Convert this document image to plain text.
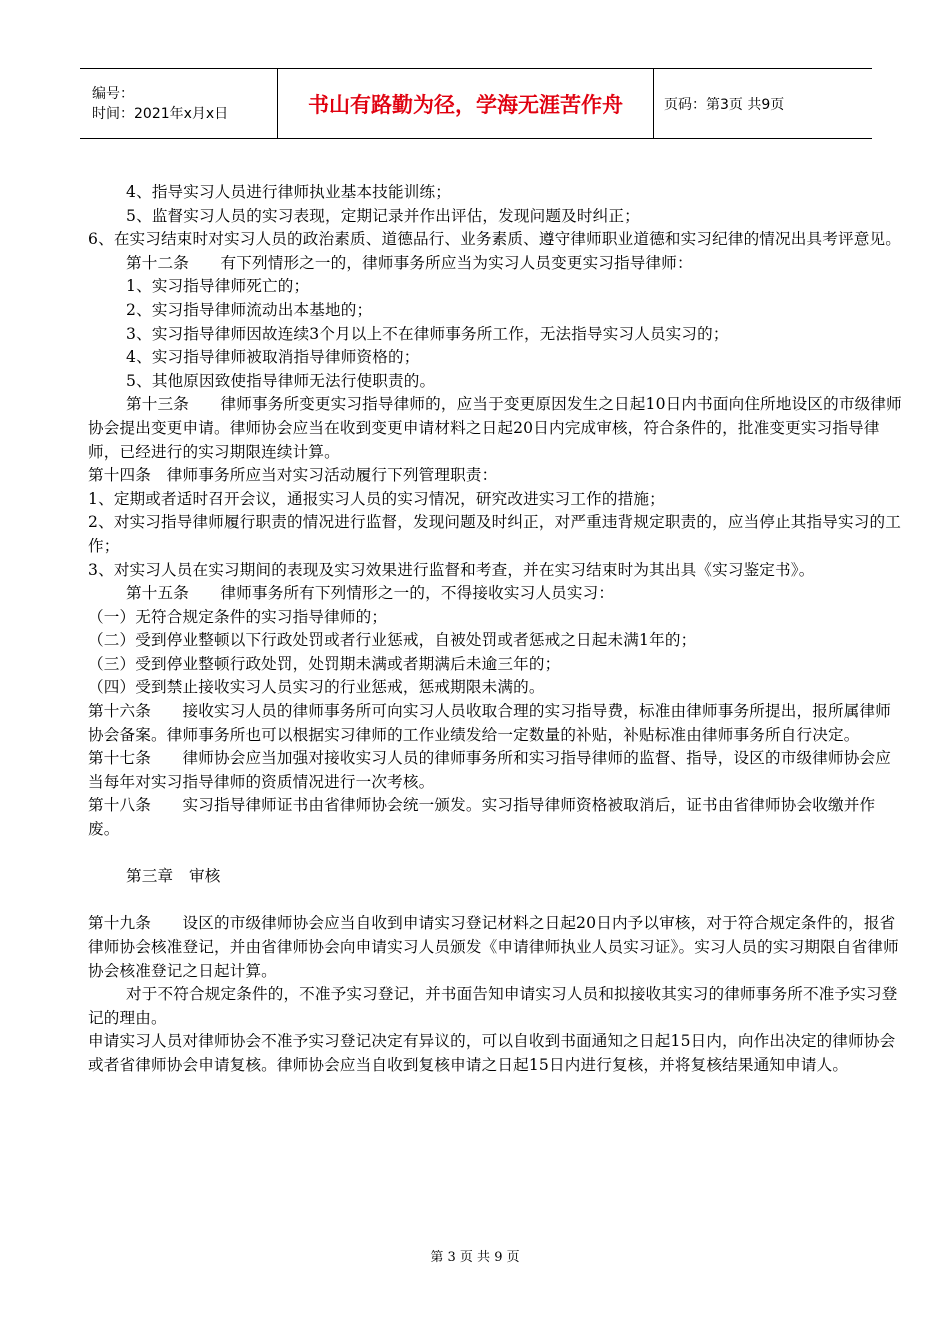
编号：
时间：2021年x月x日	书山有路勤为径，学海无涯苦作舟	页码：第3页 共9页

4、指导实习人员进行律师执业基本技能训练；

5、监督实习人员的实习表现，定期记录并作出评估，发现问题及时纠正；

6、在实习结束时对实习人员的政治素质、道德品行、业务素质、遵守律师职业道德和实习纪律的情况出具考评意见。

第十二条　　有下列情形之一的，律师事务所应当为实习人员变更实习指导律师：

1、实习指导律师死亡的；

2、实习指导律师流动出本基地的；

3、实习指导律师因故连续3个月以上不在律师事务所工作，无法指导实习人员实习的；

4、实习指导律师被取消指导律师资格的；

5、其他原因致使指导律师无法行使职责的。

第十三条　　律师事务所变更实习指导律师的，应当于变更原因发生之日起10日内书面向住所地设区的市级律师协会提出变更申请。律师协会应当在收到变更申请材料之日起20日内完成审核，符合条件的，批准变更实习指导律师，已经进行的实习期限连续计算。

第十四条　律师事务所应当对实习活动履行下列管理职责：

1、定期或者适时召开会议，通报实习人员的实习情况，研究改进实习工作的措施；

2、对实习指导律师履行职责的情况进行监督，发现问题及时纠正，对严重违背规定职责的，应当停止其指导实习的工作；

3、对实习人员在实习期间的表现及实习效果进行监督和考查，并在实习结束时为其出具《实习鉴定书》。

第十五条　　律师事务所有下列情形之一的，不得接收实习人员实习：

（一）无符合规定条件的实习指导律师的；

（二）受到停业整顿以下行政处罚或者行业惩戒，自被处罚或者惩戒之日起未满1年的；

（三）受到停业整顿行政处罚，处罚期未满或者期满后未逾三年的；

（四）受到禁止接收实习人员实习的行业惩戒，惩戒期限未满的。

第十六条　　接收实习人员的律师事务所可向实习人员收取合理的实习指导费，标准由律师事务所提出，报所属律师协会备案。律师事务所也可以根据实习律师的工作业绩发给一定数量的补贴，补贴标准由律师事务所自行决定。

第十七条　　律师协会应当加强对接收实习人员的律师事务所和实习指导律师的监督、指导，设区的市级律师协会应当每年对实习指导律师的资质情况进行一次考核。

第十八条　　实习指导律师证书由省律师协会统一颁发。实习指导律师资格被取消后，证书由省律师协会收缴并作废。

第三章　审核

第十九条　　设区的市级律师协会应当自收到申请实习登记材料之日起20日内予以审核，对于符合规定条件的，报省律师协会核准登记，并由省律师协会向申请实习人员颁发《申请律师执业人员实习证》。实习人员的实习期限自省律师协会核准登记之日起计算。

对于不符合规定条件的，不准予实习登记，并书面告知申请实习人员和拟接收其实习的律师事务所不准予实习登记的理由。

申请实习人员对律师协会不准予实习登记决定有异议的，可以自收到书面通知之日起15日内，向作出决定的律师协会或者省律师协会申请复核。律师协会应当自收到复核申请之日起15日内进行复核，并将复核结果通知申请人。

第 3 页 共 9 页
